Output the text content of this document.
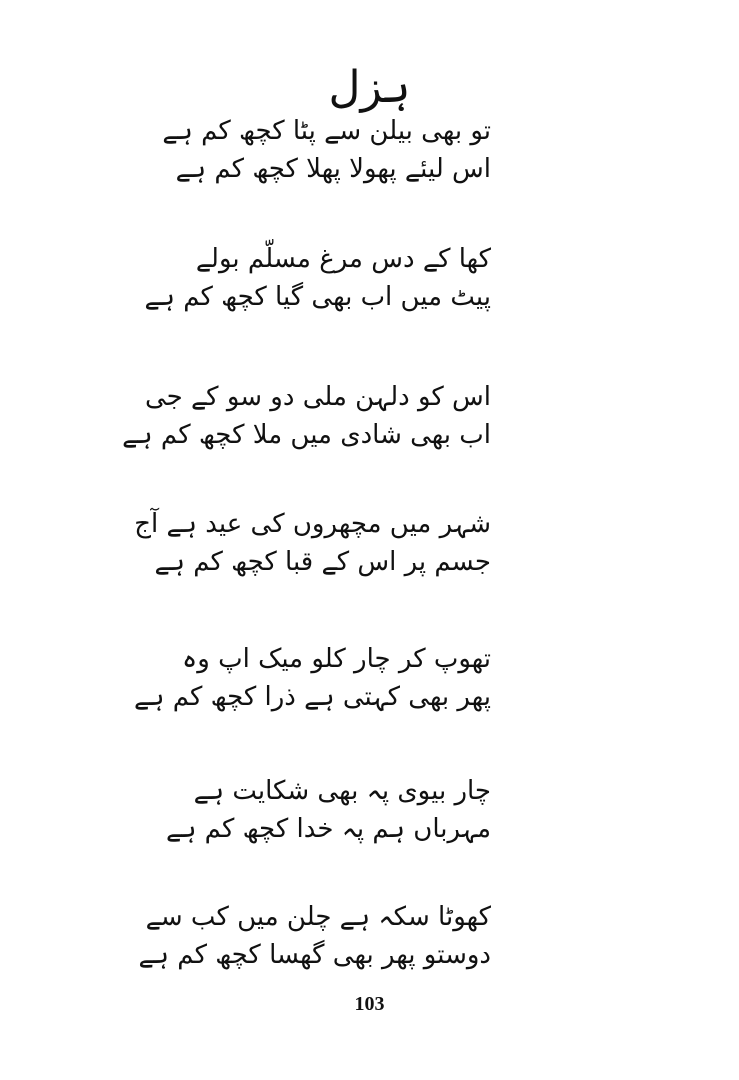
ہزل
تو بھی بیلن سے پٹا کچھ کم ہے
اس لیئے پھولا پھلا کچھ کم ہے
کھا کے دس مرغ مسلّم بولے
پیٹ میں اب بھی گیا کچھ کم ہے
اس کو دلہن ملی دو سو کے جی
اب بھی شادی میں ملا کچھ کم ہے
شہر میں مچھروں کی عید ہے آج
جسم پر اس کے قبا کچھ کم ہے
تھوپ کر چار کلو میک اپ وہ
پھر بھی کہتی ہے ذرا کچھ کم ہے
چار بیوی پہ بھی شکایت ہے
مہرباں ہم پہ خدا کچھ کم ہے
کھوٹا سکہ ہے چلن میں کب سے
دوستو پھر بھی گھسا کچھ کم ہے
103
